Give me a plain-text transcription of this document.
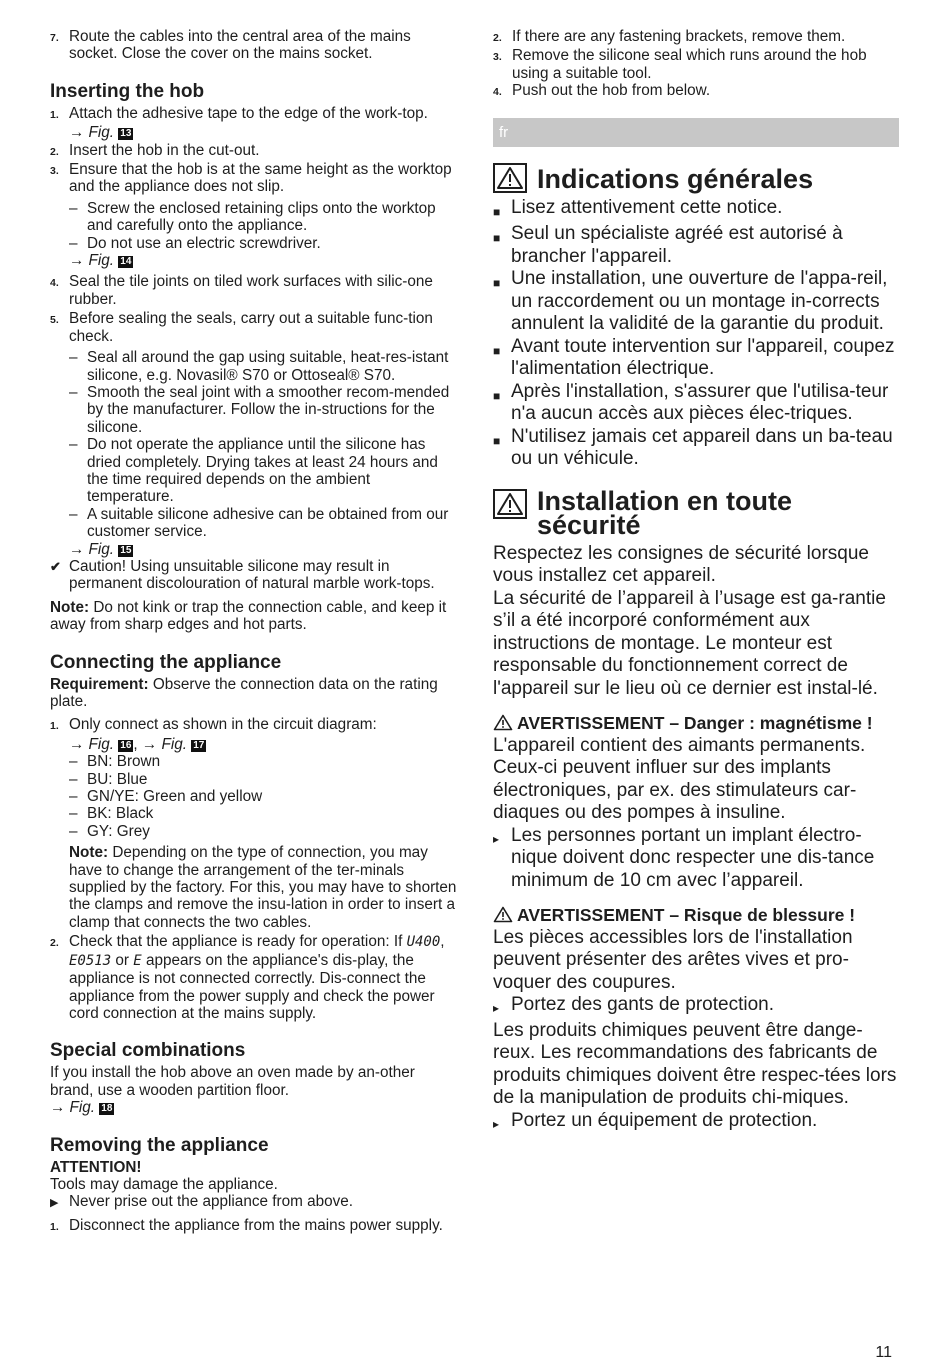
7. Route the cables into the central area of the mains socket. Close the cover on the mains socket.
Inserting the hob
1. Attach the adhesive tape to the edge of the work-top.
→ Fig. 13
2. Insert the hob in the cut-out.
3. Ensure that the hob is at the same height as the worktop and the appliance does not slip.
– Screw the enclosed retaining clips onto the worktop and carefully onto the appliance.
– Do not use an electric screwdriver.
→ Fig. 14
4. Seal the tile joints on tiled work surfaces with silic-one rubber.
5. Before sealing the seals, carry out a suitable func-tion check.
– Seal all around the gap using suitable, heat-res-istant silicone, e.g. Novasil® S70 or Ottoseal® S70.
– Smooth the seal joint with a smoother recom-mended by the manufacturer. Follow the in-structions for the silicone.
– Do not operate the appliance until the silicone has dried completely. Drying takes at least 24 hours and the time required depends on the ambient temperature.
– A suitable silicone adhesive can be obtained from our customer service.
→ Fig. 15
✔ Caution! Using unsuitable silicone may result in permanent discolouration of natural marble work-tops.
Note: Do not kink or trap the connection cable, and keep it away from sharp edges and hot parts.
Connecting the appliance
Requirement: Observe the connection data on the rating plate.
1. Only connect as shown in the circuit diagram:
→ Fig. 16 , → Fig. 17
– BN: Brown
– BU: Blue
– GN/YE: Green and yellow
– BK: Black
– GY: Grey
Note: Depending on the type of connection, you may have to change the arrangement of the ter-minals supplied by the factory. For this, you may have to shorten the clamps and remove the insu-lation in order to insert a clamp that connects the two cables.
2. Check that the appliance is ready for operation: If U400, E0513 or E appears on the appliance's dis-play, the appliance is not connected correctly. Dis-connect the appliance from the power supply and check the power cord connection at the mains supply.
Special combinations
If you install the hob above an oven made by an-other brand, use a wooden partition floor.
→ Fig. 18
Removing the appliance
ATTENTION!
Tools may damage the appliance.
▶ Never prise out the appliance from above.
1. Disconnect the appliance from the mains power supply.
2. If there are any fastening brackets, remove them.
3. Remove the silicone seal which runs around the hob using a suitable tool.
4. Push out the hob from below.
fr
Indications générales
■ Lisez attentivement cette notice.
■ Seul un spécialiste agréé est autorisé à brancher l'appareil.
■ Une installation, une ouverture de l'appa-reil, un raccordement ou un montage in-corrects annulent la validité de la garantie du produit.
■ Avant toute intervention sur l'appareil, coupez l'alimentation électrique.
■ Après l'installation, s'assurer que l'utilisa-teur n'a aucun accès aux pièces élec-triques.
■ N'utilisez jamais cet appareil dans un ba-teau ou un véhicule.
Installation en toute sécurité
Respectez les consignes de sécurité lorsque vous installez cet appareil.
La sécurité de l’appareil à l’usage est ga-rantie s’il a été incorporé conformément aux instructions de montage. Le monteur est responsable du fonctionnement correct de l'appareil sur le lieu où ce dernier est instal-lé.
AVERTISSEMENT – Danger : magnétisme !
L'appareil contient des aimants permanents. Ceux-ci peuvent influer sur des implants électroniques, par ex. des stimulateurs car-diaques ou des pompes à insuline.
▸ Les personnes portant un implant électro-nique doivent donc respecter une dis-tance minimum de 10 cm avec l’appareil.
AVERTISSEMENT – Risque de blessure !
Les pièces accessibles lors de l'installation peuvent présenter des arêtes vives et pro-voquer des coupures.
▸ Portez des gants de protection.
Les produits chimiques peuvent être dange-reux. Les recommandations des fabricants de produits chimiques doivent être respec-tées lors de la manipulation de produits chi-miques.
▸ Portez un équipement de protection.
11
